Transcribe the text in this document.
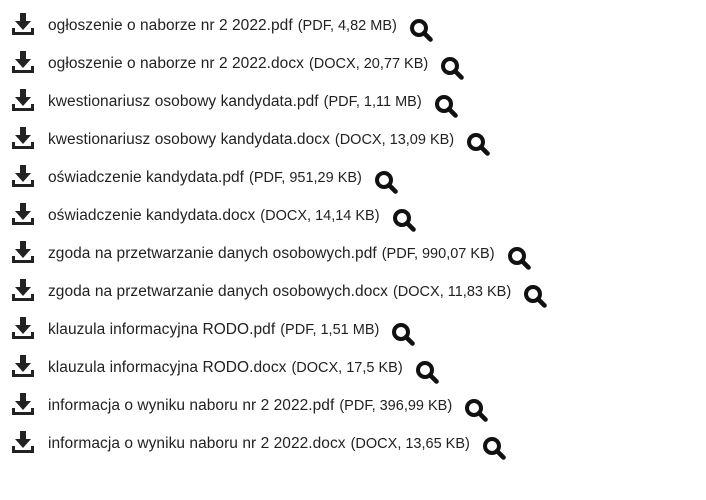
ogłoszenie o naborze nr 2 2022.pdf (PDF, 4,82 MB)
ogłoszenie o naborze nr 2 2022.docx (DOCX, 20,77 KB)
kwestionariusz osobowy kandydata.pdf (PDF, 1,11 MB)
kwestionariusz osobowy kandydata.docx (DOCX, 13,09 KB)
oświadczenie kandydata.pdf (PDF, 951,29 KB)
oświadczenie kandydata.docx (DOCX, 14,14 KB)
zgoda na przetwarzanie danych osobowych.pdf (PDF, 990,07 KB)
zgoda na przetwarzanie danych osobowych.docx (DOCX, 11,83 KB)
klauzula informacyjna RODO.pdf (PDF, 1,51 MB)
klauzula informacyjna RODO.docx (DOCX, 17,5 KB)
informacja o wyniku naboru nr 2 2022.pdf (PDF, 396,99 KB)
informacja o wyniku naboru nr 2 2022.docx (DOCX, 13,65 KB)
